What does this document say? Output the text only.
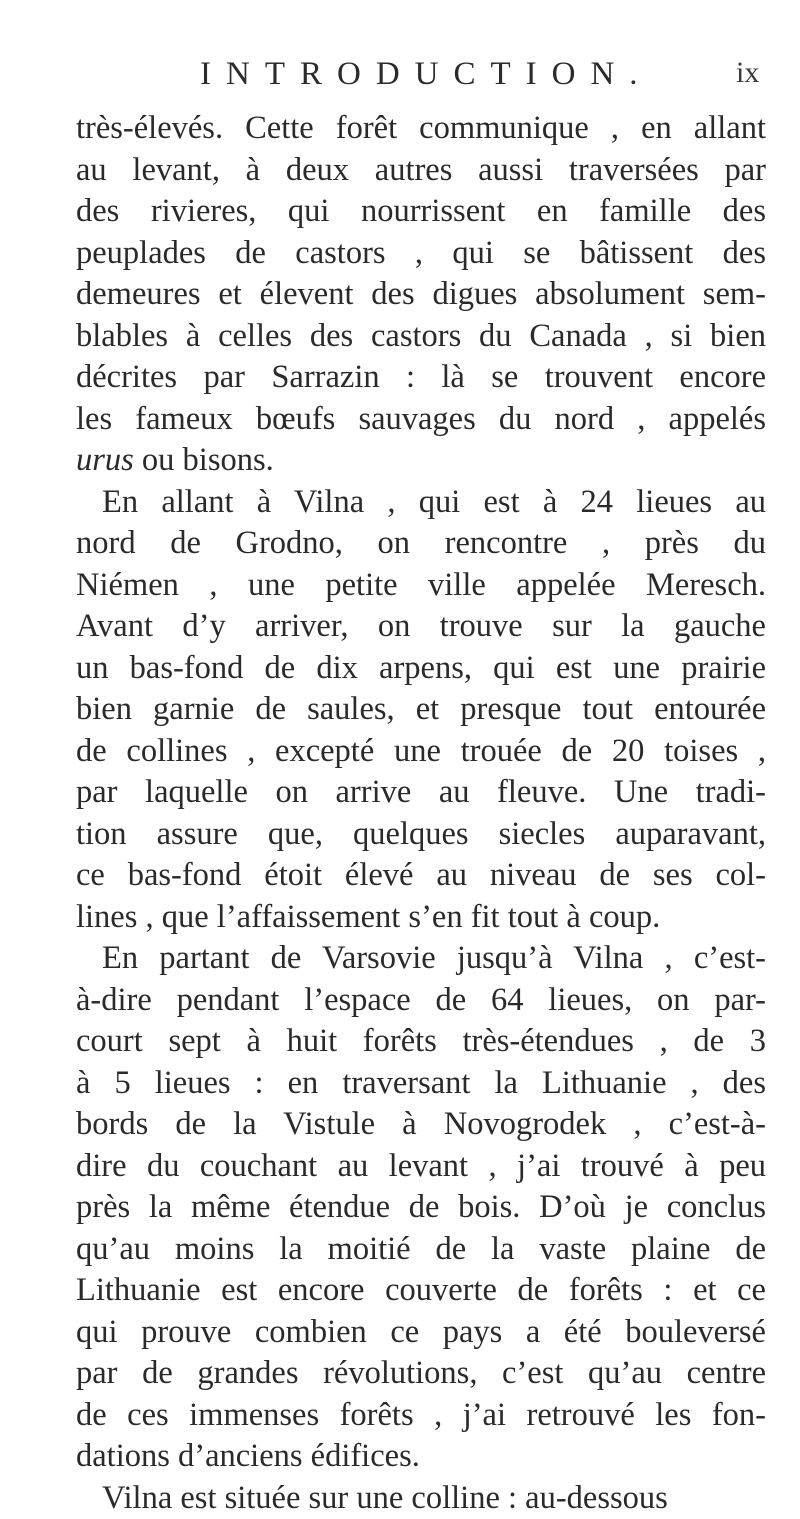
INTRODUCTION.	ix
très-élevés. Cette forêt communique , en allant
au levant, à deux autres aussi traversées par
des rivieres, qui nourrissent en famille des
peuplades de castors , qui se bâtissent des
demeures et élevent des digues absolument sem-
blables à celles des castors du Canada , si bien
décrites par Sarrazin : là se trouvent encore
les fameux bœufs sauvages du nord , appelés
urus ou bisons.
En allant à Vilna , qui est à 24 lieues au
nord de Grodno, on rencontre , près du
Niémen , une petite ville appelée Meresch.
Avant d’y arriver, on trouve sur la gauche
un bas-fond de dix arpens, qui est une prairie
bien garnie de saules, et presque tout entourée
de collines , excepté une trouée de 20 toises ,
par laquelle on arrive au fleuve. Une tradi-
tion assure que, quelques siecles auparavant,
ce bas-fond étoit élevé au niveau de ses col-
lines , que l’affaissement s’en fit tout à coup.
En partant de Varsovie jusqu’à Vilna , c’est-
à-dire pendant l’espace de 64 lieues, on par-
court sept à huit forêts très-étendues , de 3
à 5 lieues : en traversant la Lithuanie , des
bords de la Vistule à Novogrodek , c’est-à-
dire du couchant au levant , j’ai trouvé à peu
près la même étendue de bois. D’où je conclus
qu’au moins la moitié de la vaste plaine de
Lithuanie est encore couverte de forêts : et ce
qui prouve combien ce pays a été bouleversé
par de grandes révolutions, c’est qu’au centre
de ces immenses forêts , j’ai retrouvé les fon-
dations d’anciens édifices.
Vilna est située sur une colline : au-dessous
